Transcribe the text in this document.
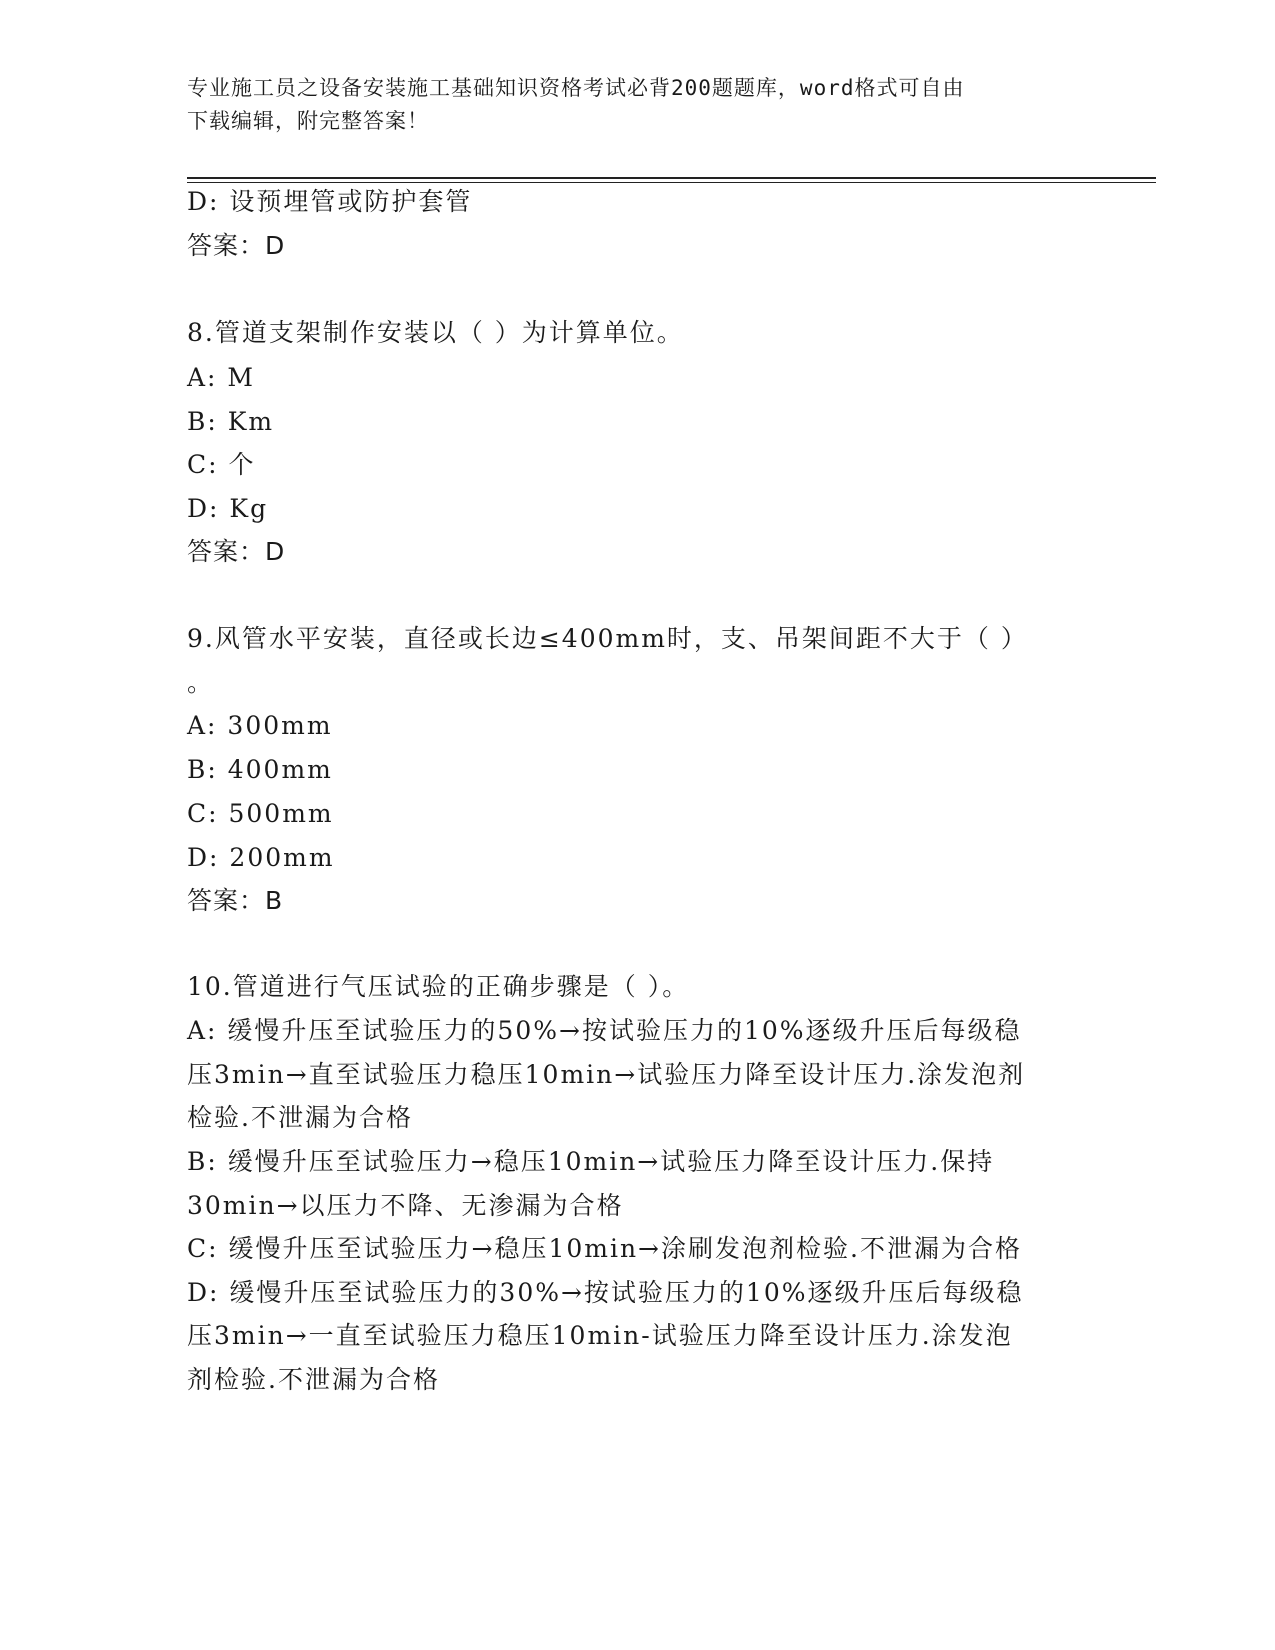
专业施工员之设备安装施工基础知识资格考试必背200题题库，word格式可自由
下载编辑，附完整答案！
D: 设预埋管或防护套管
答案：D
8.管道支架制作安装以（ ）为计算单位。
A: M
B: Km
C: 个
D: Kg
答案：D
9.风管水平安装，直径或长边≤400mm时，支、吊架间距不大于（ ）
。
A: 300mm
B: 400mm
C: 500mm
D: 200mm
答案：B
10.管道进行气压试验的正确步骤是（ ）。
A: 缓慢升压至试验压力的50%→按试验压力的10%逐级升压后每级稳
压3min→直至试验压力稳压10min→试验压力降至设计压力.涂发泡剂
检验.不泄漏为合格
B: 缓慢升压至试验压力→稳压10min→试验压力降至设计压力.保持
30min→以压力不降、无渗漏为合格
C: 缓慢升压至试验压力→稳压10min→涂刷发泡剂检验.不泄漏为合格
D: 缓慢升压至试验压力的30%→按试验压力的10%逐级升压后每级稳
压3min→一直至试验压力稳压10min-试验压力降至设计压力.涂发泡
剂检验.不泄漏为合格
